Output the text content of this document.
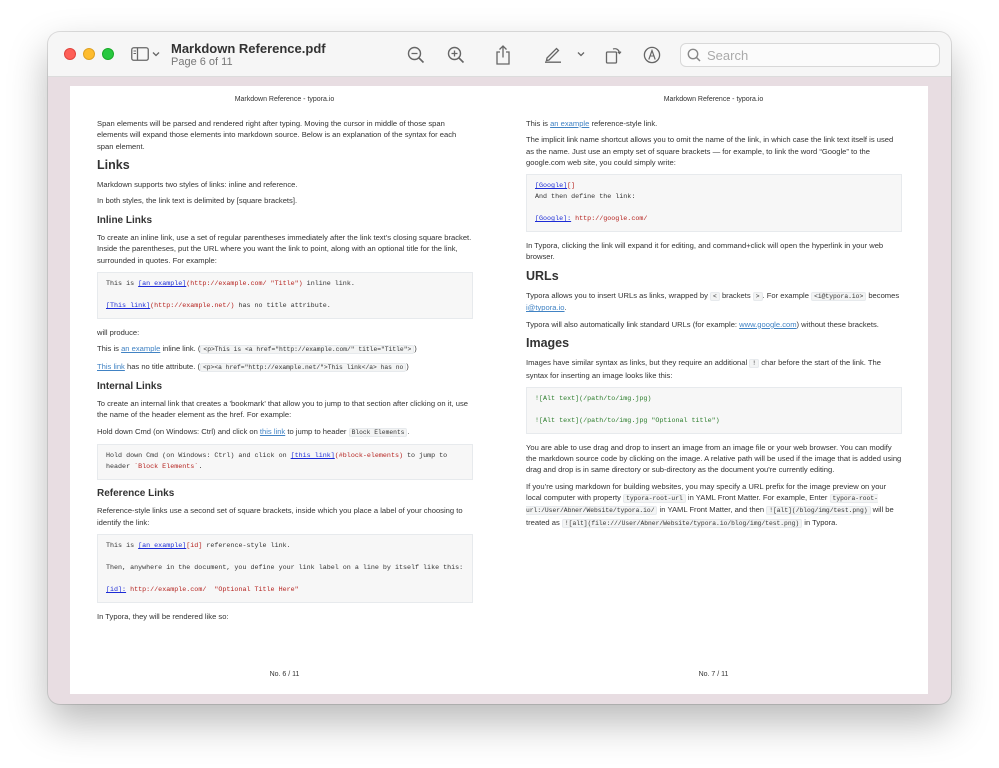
Markdown Reference.pdf
Page 6 of 11
Search
Markdown Reference - typora.io

Span elements will be parsed and rendered right after typing. Moving the cursor in middle of those span elements will expand those elements into markdown source. Below is an explanation of the syntax for each span element.

Links

Markdown supports two styles of links: inline and reference.

In both styles, the link text is delimited by [square brackets].

Inline Links

To create an inline link, use a set of regular parentheses immediately after the link text’s closing square bracket. Inside the parentheses, put the URL where you want the link to point, along with an optional title for the link, surrounded in quotes. For example:

This is [an example](http://example.com/ "Title") inline link.

[This link](http://example.net/) has no title attribute.

will produce:

This is an example inline link. ( <p>This is <a href="http://example.com/" title="Title"> )

This link has no title attribute. ( <p><a href="http://example.net/">This link</a> has no )

Internal Links

To create an internal link that creates a 'bookmark' that allow you to jump to that section after clicking on it, use the name of the header element as the href. For example:

Hold down Cmd (on Windows: Ctrl) and click on this link to jump to header Block Elements .

Hold down Cmd (on Windows: Ctrl) and click on [this link](#block-elements) to jump to header `Block Elements`.
Reference Links

Reference-style links use a second set of square brackets, inside which you place a label of your choosing to identify the link:

This is [an example][id] reference-style link.

Then, anywhere in the document, you define your link label on a line by itself like this:

[id]: http://example.com/  "Optional Title Here"

In Typora, they will be rendered like so:

No. 6 / 11
Markdown Reference - typora.io

This is an example reference-style link.

The implicit link name shortcut allows you to omit the name of the link, in which case the link text itself is used as the name. Just use an empty set of square brackets — for example, to link the word “Google” to the google.com web site, you could simply write:

[Google][]
And then define the link:

[Google]: http://google.com/

In Typora, clicking the link will expand it for editing, and command+click will open the hyperlink in your web browser.

URLs

Typora allows you to insert URLs as links, wrapped by < brackets > . For example <i@typora.io> becomes i@typora.io.

Typora will also automatically link standard URLs (for example: www.google.com) without these brackets.

Images

Images have similar syntax as links, but they require an additional ! char before the start of the link. The syntax for inserting an image looks like this:

![Alt text](/path/to/img.jpg)

![Alt text](/path/to/img.jpg "Optional title")

You are able to use drag and drop to insert an image from an image file or your web browser. You can modify the markdown source code by clicking on the image. A relative path will be used if the image that is added using drag and drop is in same directory or sub-directory as the document you're currently editing.

If you’re using markdown for building websites, you may specify a URL prefix for the image preview on your local computer with property typora-root-url in YAML Front Matter. For example, Enter typora-root-url:/User/Abner/Website/typora.io/ in YAML Front Matter, and then ![alt](/blog/img/test.png) will be treated as ![alt](file:///User/Abner/Website/typora.io/blog/img/test.png) in Typora.

No. 7 / 11
